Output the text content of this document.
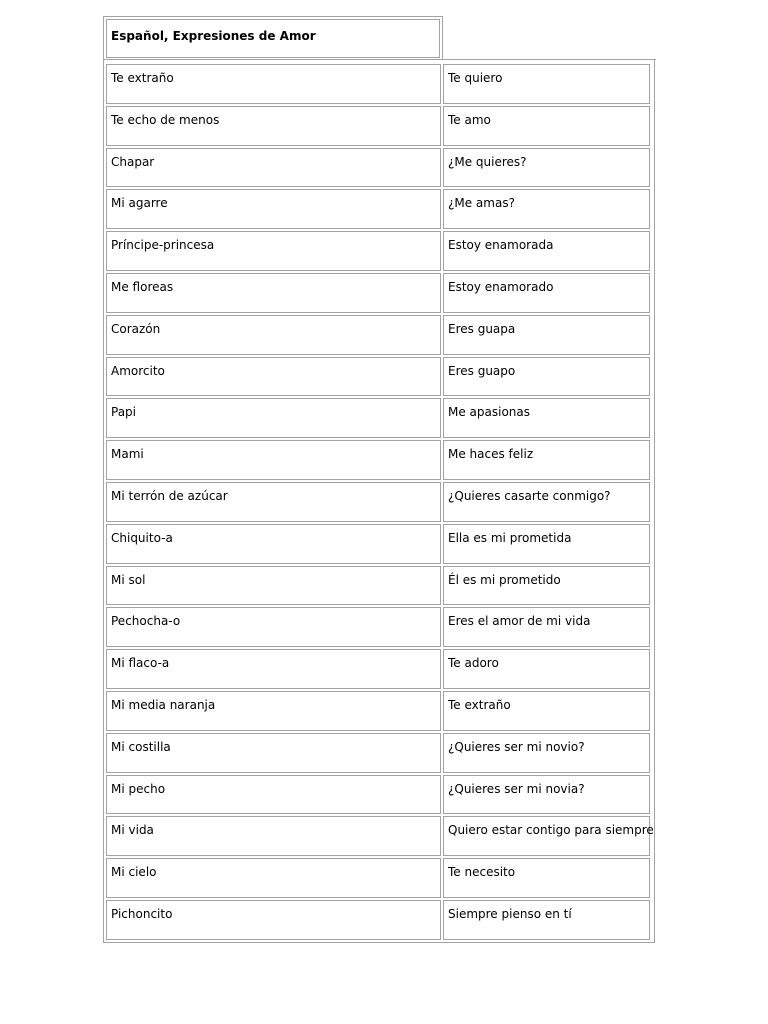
Español, Expresiones de Amor
Te extraño	Te quiero
Te echo de menos	Te amo
Chapar	¿Me quieres?
Mi agarre	¿Me amas?
Príncipe-princesa	Estoy enamorada
Me floreas	Estoy enamorado
Corazón	Eres guapa
Amorcito	Eres guapo
Papi	Me apasionas
Mami	Me haces feliz
Mi terrón de azúcar	¿Quieres casarte conmigo?
Chiquito-a	Ella es mi prometida
Mi sol	Él es mi prometido
Pechocha-o	Eres el amor de mi vida
Mi flaco-a	Te adoro
Mi media naranja	Te extraño
Mi costilla	¿Quieres ser mi novio?
Mi pecho	¿Quieres ser mi novia?
Mi vida	Quiero estar contigo para siempre
Mi cielo	Te necesito
Pichoncito	Siempre pienso en tí
